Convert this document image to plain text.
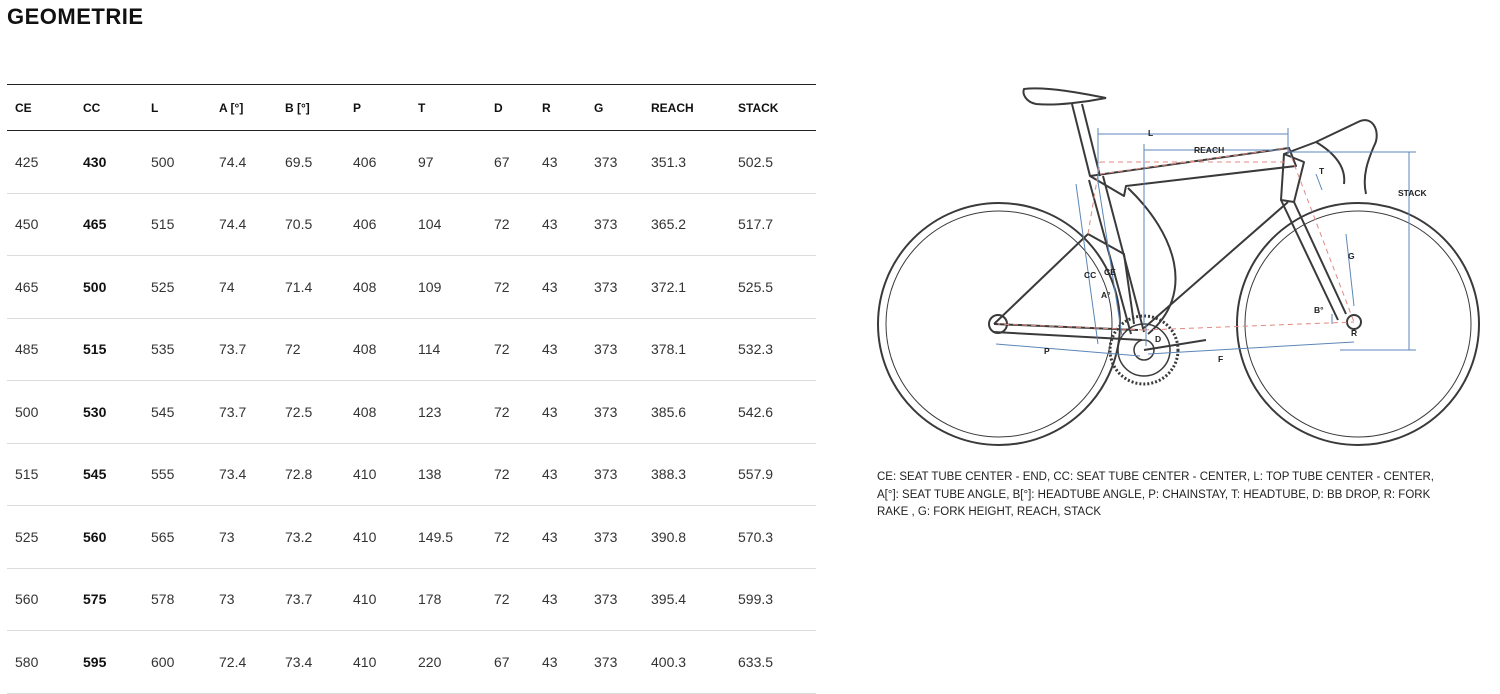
GEOMETRIE
CE	CC	L	A [°]	B [°]	P	T	D	R	G	REACH	STACK
425	430	500	74.4	69.5	406	97	67	43	373	351.3	502.5
450	465	515	74.4	70.5	406	104	72	43	373	365.2	517.7
465	500	525	74	71.4	408	109	72	43	373	372.1	525.5
485	515	535	73.7	72	408	114	72	43	373	378.1	532.3
500	530	545	73.7	72.5	408	123	72	43	373	385.6	542.6
515	545	555	73.4	72.8	410	138	72	43	373	388.3	557.9
525	560	565	73	73.2	410	149.5	72	43	373	390.8	570.3
560	575	578	73	73.7	410	178	72	43	373	395.4	599.3
580	595	600	72.4	73.4	410	220	67	43	373	400.3	633.5
L
REACH
STACK
T
G
CC CE
A°
B°
D
P
F
R

CE: SEAT TUBE CENTER - END, CC: SEAT TUBE CENTER - CENTER, L: TOP TUBE CENTER - CENTER, A[°]: SEAT TUBE ANGLE, B[°]: HEADTUBE ANGLE, P: CHAINSTAY, T: HEADTUBE, D: BB DROP, R: FORK RAKE , G: FORK HEIGHT, REACH, STACK
